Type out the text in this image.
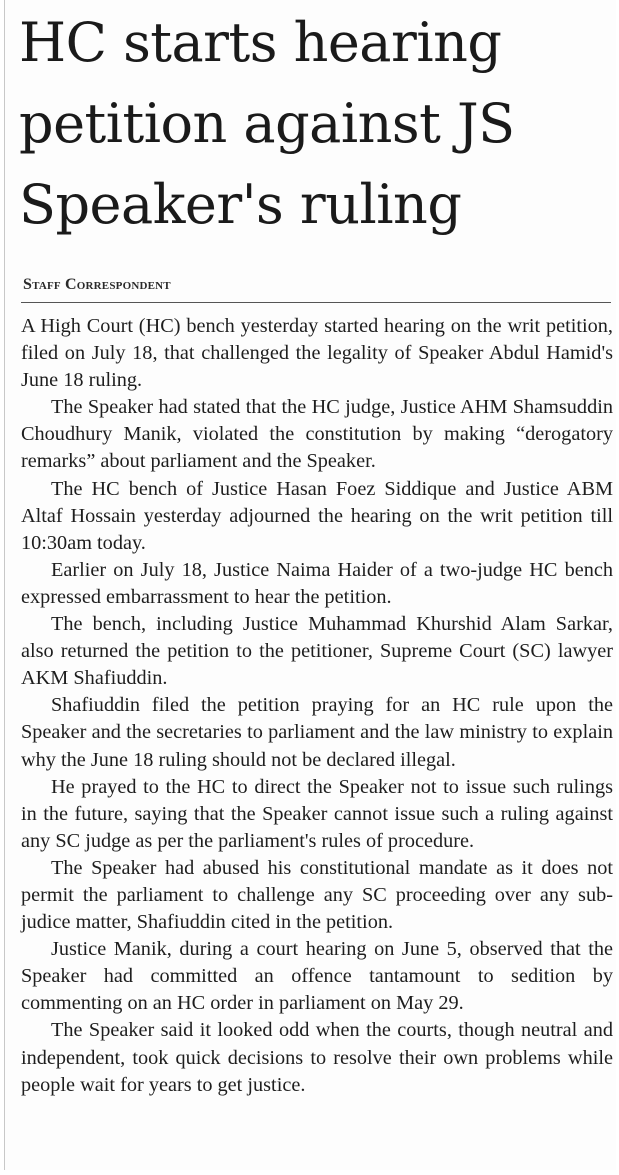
HC starts hearing petition against JS Speaker's ruling
Staff Correspondent

A High Court (HC) bench yesterday started hearing on the writ petition, filed on July 18, that challenged the legality of Speaker Abdul Hamid's June 18 ruling.

The Speaker had stated that the HC judge, Justice AHM Shamsuddin Choudhury Manik, violated the constitution by making “derogatory remarks” about parliament and the Speaker.

The HC bench of Justice Hasan Foez Siddique and Justice ABM Altaf Hossain yesterday adjourned the hearing on the writ petition till 10:30am today.

Earlier on July 18, Justice Naima Haider of a two-judge HC bench expressed embarrassment to hear the petition.

The bench, including Justice Muhammad Khurshid Alam Sarkar, also returned the petition to the petitioner, Supreme Court (SC) lawyer AKM Shafiuddin.

Shafiuddin filed the petition praying for an HC rule upon the Speaker and the secretaries to parliament and the law ministry to explain why the June 18 ruling should not be declared illegal.

He prayed to the HC to direct the Speaker not to issue such rulings in the future, saying that the Speaker cannot issue such a ruling against any SC judge as per the parliament's rules of procedure.

The Speaker had abused his constitutional mandate as it does not permit the parliament to challenge any SC proceeding over any sub-judice matter, Shafiuddin cited in the petition.

Justice Manik, during a court hearing on June 5, observed that the Speaker had committed an offence tantamount to sedition by commenting on an HC order in parliament on May 29.

The Speaker said it looked odd when the courts, though neutral and independent, took quick decisions to resolve their own problems while people wait for years to get justice.
